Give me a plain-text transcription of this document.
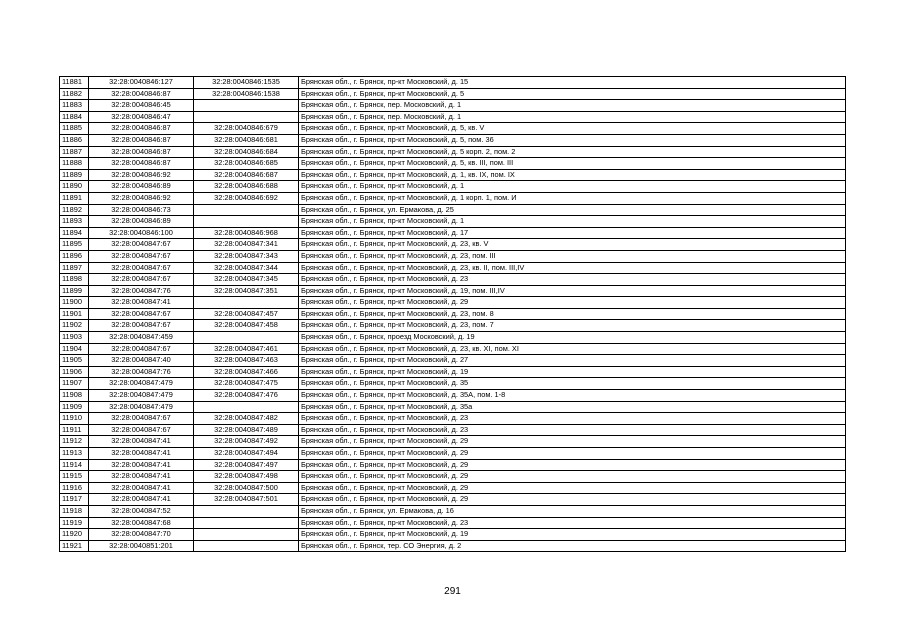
11881	32:28:0040846:127	32:28:0040846:1535	Брянская обл., г. Брянск, пр-кт Московский, д. 15
11882	32:28:0040846:87	32:28:0040846:1538	Брянская обл., г. Брянск, пр-кт Московский, д. 5
11883	32:28:0040846:45		Брянская обл., г. Брянск, пер. Московский, д. 1
11884	32:28:0040846:47		Брянская обл., г. Брянск, пер. Московский, д. 1
11885	32:28:0040846:87	32:28:0040846:679	Брянская обл., г. Брянск, пр-кт Московский, д. 5, кв. V
11886	32:28:0040846:87	32:28:0040846:681	Брянская обл., г. Брянск, пр-кт Московский, д. 5, пом. 36
11887	32:28:0040846:87	32:28:0040846:684	Брянская обл., г. Брянск, пр-кт Московский, д. 5 корп. 2, пом. 2
11888	32:28:0040846:87	32:28:0040846:685	Брянская обл., г. Брянск, пр-кт Московский, д. 5, кв. III, пом. III
11889	32:28:0040846:92	32:28:0040846:687	Брянская обл., г. Брянск, пр-кт Московский, д. 1, кв. IX, пом. IX
11890	32:28:0040846:89	32:28:0040846:688	Брянская обл., г. Брянск, пр-кт Московский, д. 1
11891	32:28:0040846:92	32:28:0040846:692	Брянская обл., г. Брянск, пр-кт Московский, д. 1 корп. 1, пом. И
11892	32:28:0040846:73		Брянская обл., г. Брянск, ул. Ермакова, д. 25
11893	32:28:0040846:89		Брянская обл., г. Брянск, пр-кт Московский, д. 1
11894	32:28:0040846:100	32:28:0040846:968	Брянская обл., г. Брянск, пр-кт Московский, д. 17
11895	32:28:0040847:67	32:28:0040847:341	Брянская обл., г. Брянск, пр-кт Московский, д. 23, кв. V
11896	32:28:0040847:67	32:28:0040847:343	Брянская обл., г. Брянск, пр-кт Московский, д. 23, пом. III
11897	32:28:0040847:67	32:28:0040847:344	Брянская обл., г. Брянск, пр-кт Московский, д. 23, кв. II, пом. III,IV
11898	32:28:0040847:67	32:28:0040847:345	Брянская обл., г. Брянск, пр-кт Московский, д. 23
11899	32:28:0040847:76	32:28:0040847:351	Брянская обл., г. Брянск, пр-кт Московский, д. 19, пом. III,IV
11900	32:28:0040847:41		Брянская обл., г. Брянск, пр-кт Московский, д. 29
11901	32:28:0040847:67	32:28:0040847:457	Брянская обл., г. Брянск, пр-кт Московский, д. 23, пом. 8
11902	32:28:0040847:67	32:28:0040847:458	Брянская обл., г. Брянск, пр-кт Московский, д. 23, пом. 7
11903	32:28:0040847:459		Брянская обл., г. Брянск, проезд Московский, д. 19
11904	32:28:0040847:67	32:28:0040847:461	Брянская обл., г. Брянск, пр-кт Московский, д. 23, кв. XI, пом. XI
11905	32:28:0040847:40	32:28:0040847:463	Брянская обл., г. Брянск, пр-кт Московский, д. 27
11906	32:28:0040847:76	32:28:0040847:466	Брянская обл., г. Брянск, пр-кт Московский, д. 19
11907	32:28:0040847:479	32:28:0040847:475	Брянская обл., г. Брянск, пр-кт Московский, д. 35
11908	32:28:0040847:479	32:28:0040847:476	Брянская обл., г. Брянск, пр-кт Московский, д. 35А, пом. 1-8
11909	32:28:0040847:479		Брянская обл., г. Брянск, пр-кт Московский, д. 35а
11910	32:28:0040847:67	32:28:0040847:482	Брянская обл., г. Брянск, пр-кт Московский, д. 23
11911	32:28:0040847:67	32:28:0040847:489	Брянская обл., г. Брянск, пр-кт Московский, д. 23
11912	32:28:0040847:41	32:28:0040847:492	Брянская обл., г. Брянск, пр-кт Московский, д. 29
11913	32:28:0040847:41	32:28:0040847:494	Брянская обл., г. Брянск, пр-кт Московский, д. 29
11914	32:28:0040847:41	32:28:0040847:497	Брянская обл., г. Брянск, пр-кт Московский, д. 29
11915	32:28:0040847:41	32:28:0040847:498	Брянская обл., г. Брянск, пр-кт Московский, д. 29
11916	32:28:0040847:41	32:28:0040847:500	Брянская обл., г. Брянск, пр-кт Московский, д. 29
11917	32:28:0040847:41	32:28:0040847:501	Брянская обл., г. Брянск, пр-кт Московский, д. 29
11918	32:28:0040847:52		Брянская обл., г. Брянск, ул. Ермакова, д. 16
11919	32:28:0040847:68		Брянская обл., г. Брянск, пр-кт Московский, д. 23
11920	32:28:0040847:70		Брянская обл., г. Брянск, пр-кт Московский, д. 19
11921	32:28:0040851:201		Брянская обл., г. Брянск, тер. СО Энергия, д. 2
291
